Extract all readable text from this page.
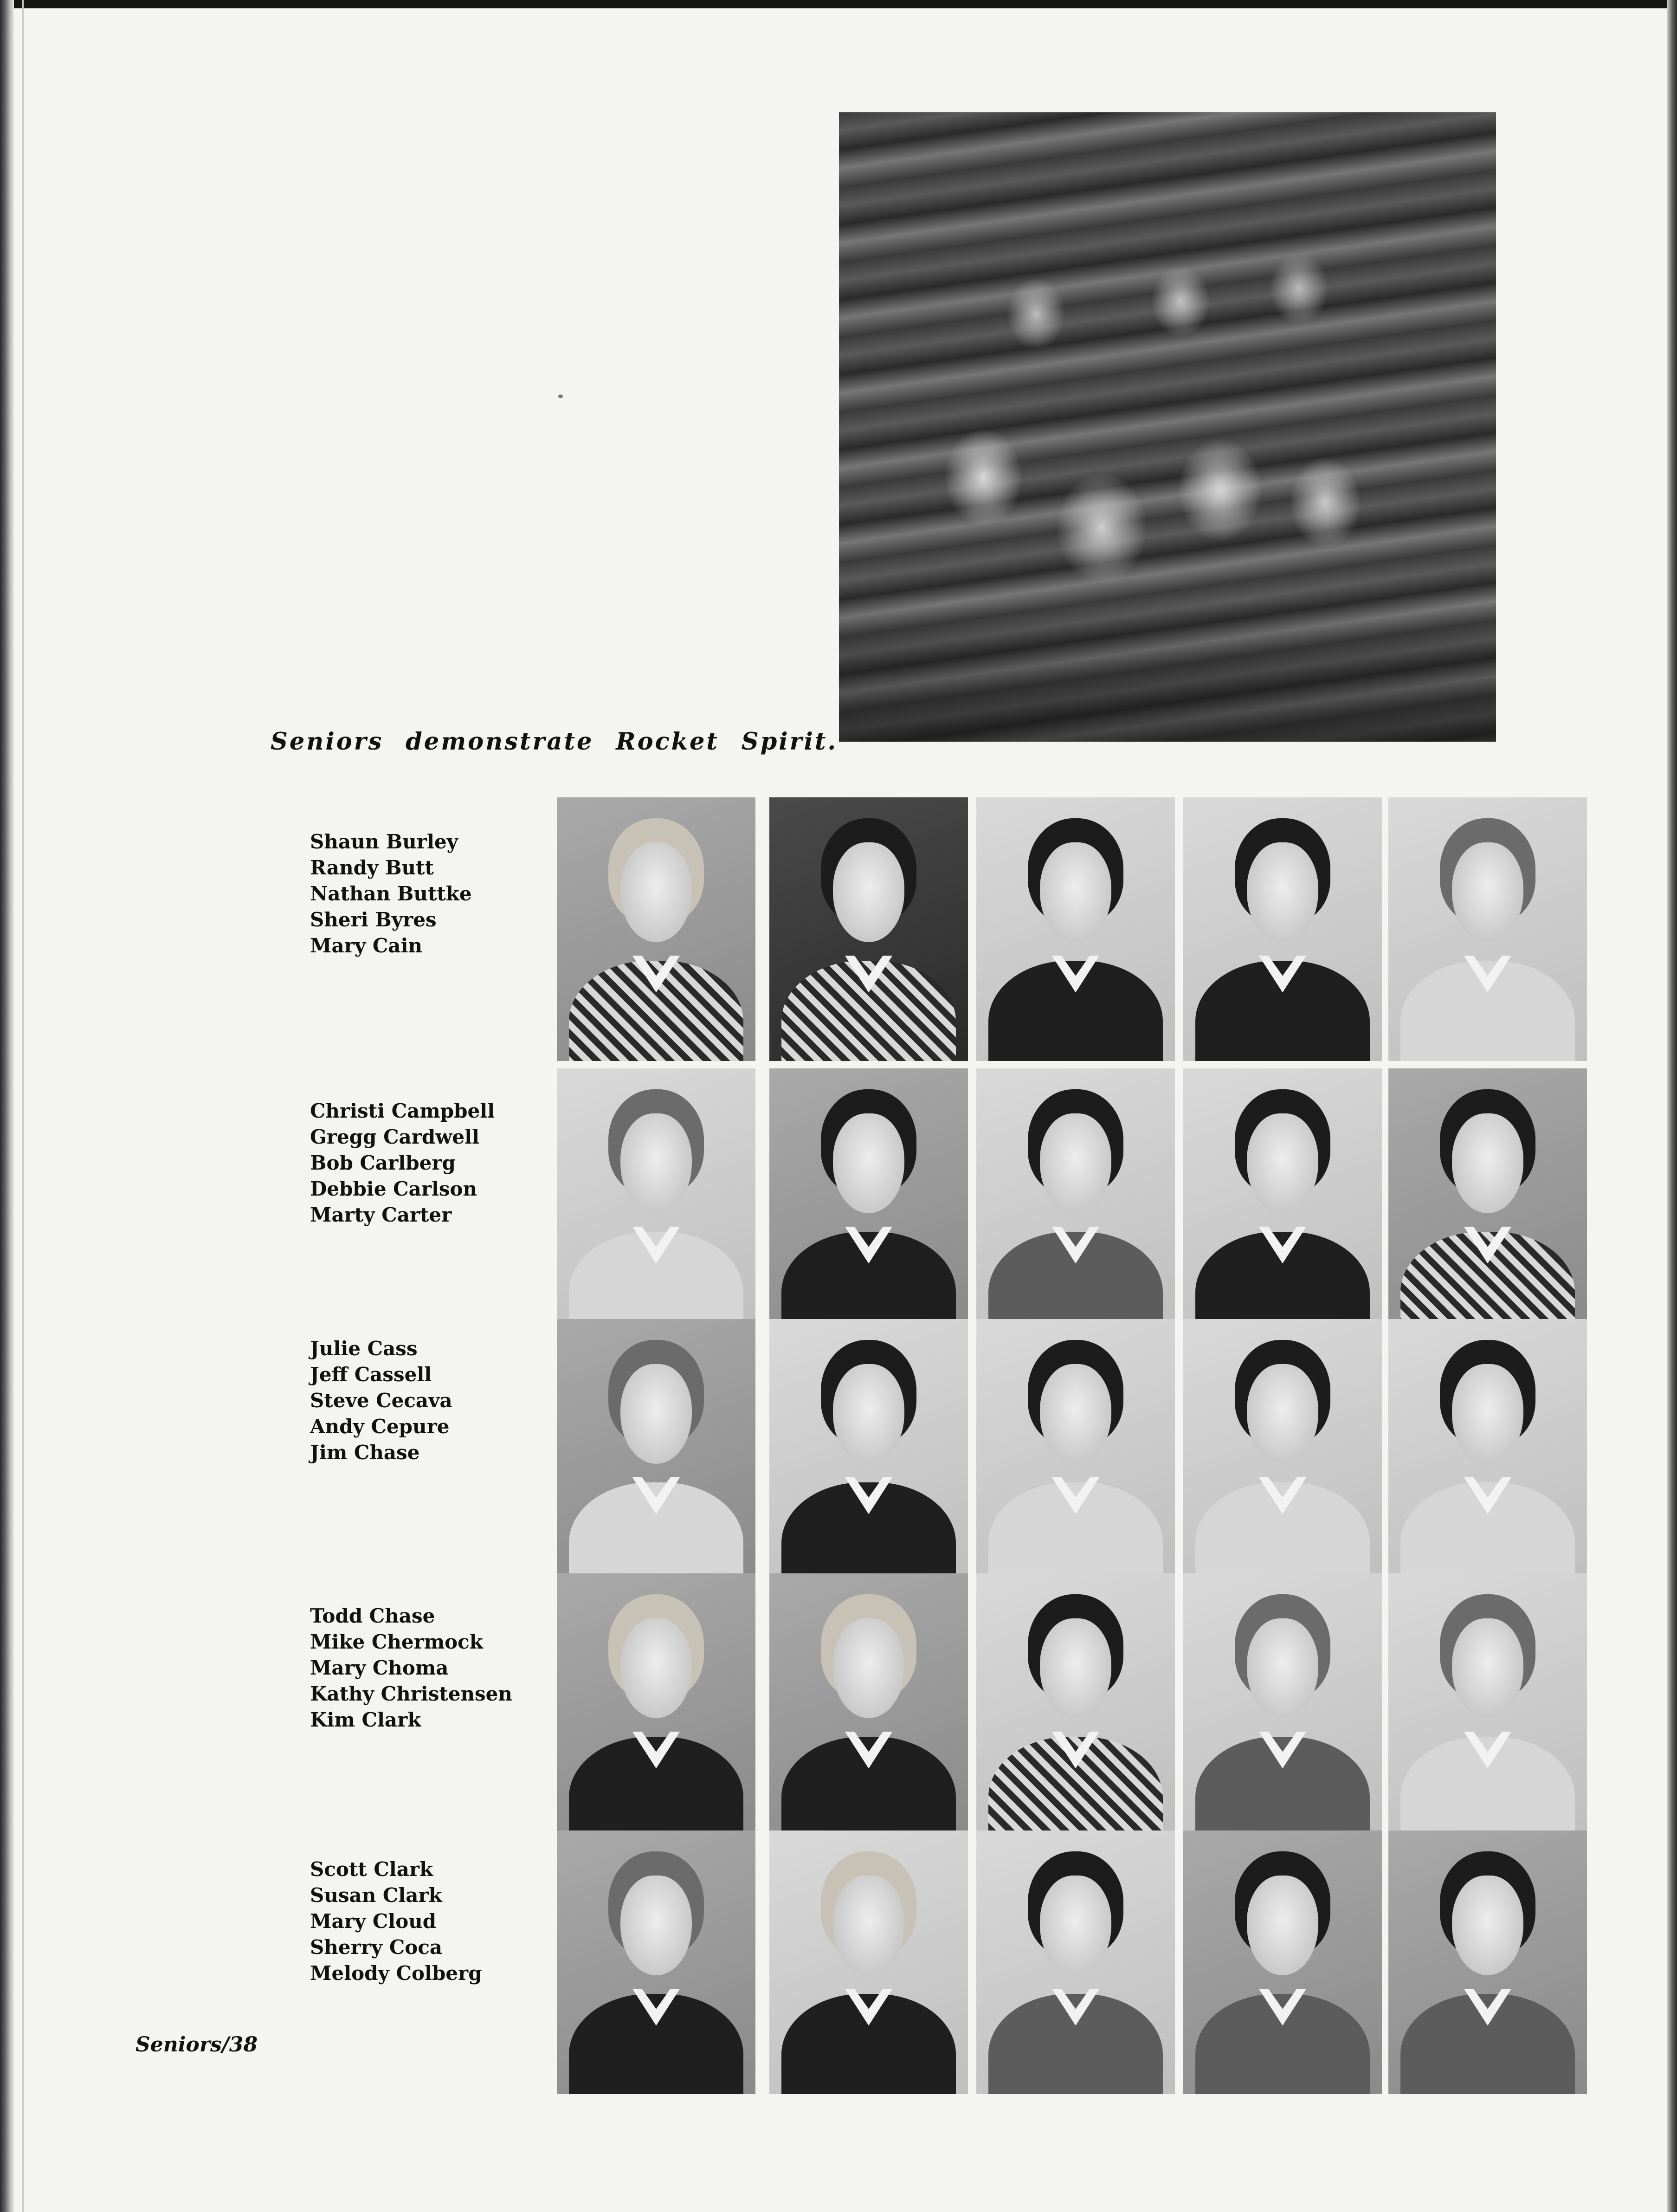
Seniors demonstrate Rocket Spirit.
Shaun Burley
Randy Butt
Nathan Buttke
Sheri Byres
Mary Cain
Christi Campbell
Gregg Cardwell
Bob Carlberg
Debbie Carlson
Marty Carter
Julie Cass
Jeff Cassell
Steve Cecava
Andy Cepure
Jim Chase
Todd Chase
Mike Chermock
Mary Choma
Kathy Christensen
Kim Clark
Scott Clark
Susan Clark
Mary Cloud
Sherry Coca
Melody Colberg
Seniors/38
